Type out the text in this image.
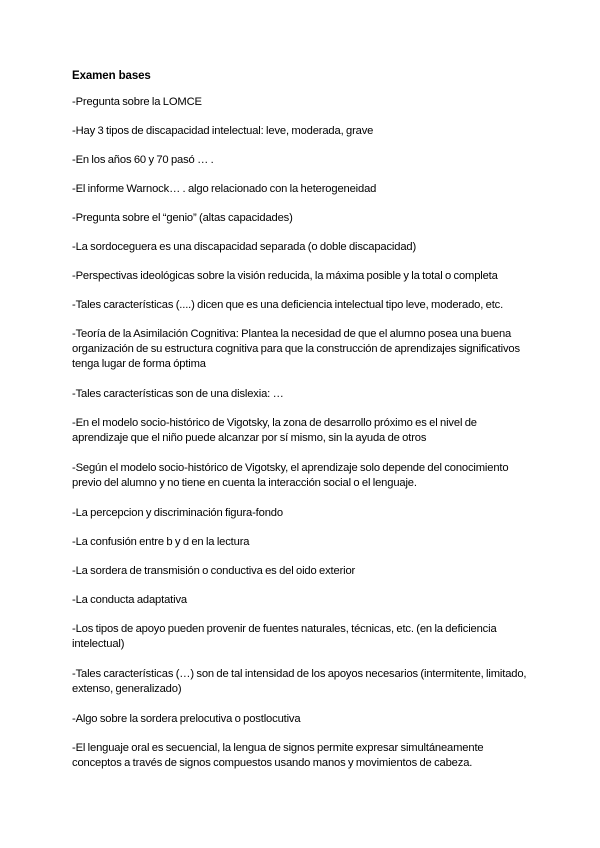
Examen bases

-Pregunta sobre la LOMCE

-Hay 3 tipos de discapacidad intelectual: leve, moderada, grave

-En los años 60 y 70 pasó … .

-El informe Warnock… . algo relacionado con la heterogeneidad

-Pregunta sobre el “genio” (altas capacidades)

-La sordoceguera es una discapacidad separada (o doble discapacidad)

-Perspectivas ideológicas sobre la visión reducida, la máxima posible y la total o completa

-Tales características (....) dicen que es una deficiencia intelectual tipo leve, moderado, etc.

-Teoría de la Asimilación Cognitiva: Plantea la necesidad de que el alumno posea una buena organización de su estructura cognitiva para que la construcción de aprendizajes significativos tenga lugar de forma óptima

-Tales características son de una dislexia: …

-En el modelo socio-histórico de Vigotsky, la zona de desarrollo próximo es el nivel de aprendizaje que el niño puede alcanzar por sí mismo, sin la ayuda de otros

-Según el modelo socio-histórico de Vigotsky, el aprendizaje solo depende del conocimiento previo del alumno y no tiene en cuenta la interacción social o el lenguaje.

-La percepcion y discriminación figura-fondo

-La confusión entre b y d en la lectura

-La sordera de transmisión o conductiva es del oido exterior

-La conducta adaptativa

-Los tipos de apoyo pueden provenir de fuentes naturales, técnicas, etc. (en la deficiencia intelectual)

-Tales características (…) son de tal intensidad de los apoyos necesarios (intermitente, limitado, extenso, generalizado)

-Algo sobre la sordera prelocutiva o postlocutiva

-El lenguaje oral es secuencial, la lengua de signos permite expresar simultáneamente conceptos a través de signos compuestos usando manos y movimientos de cabeza.
